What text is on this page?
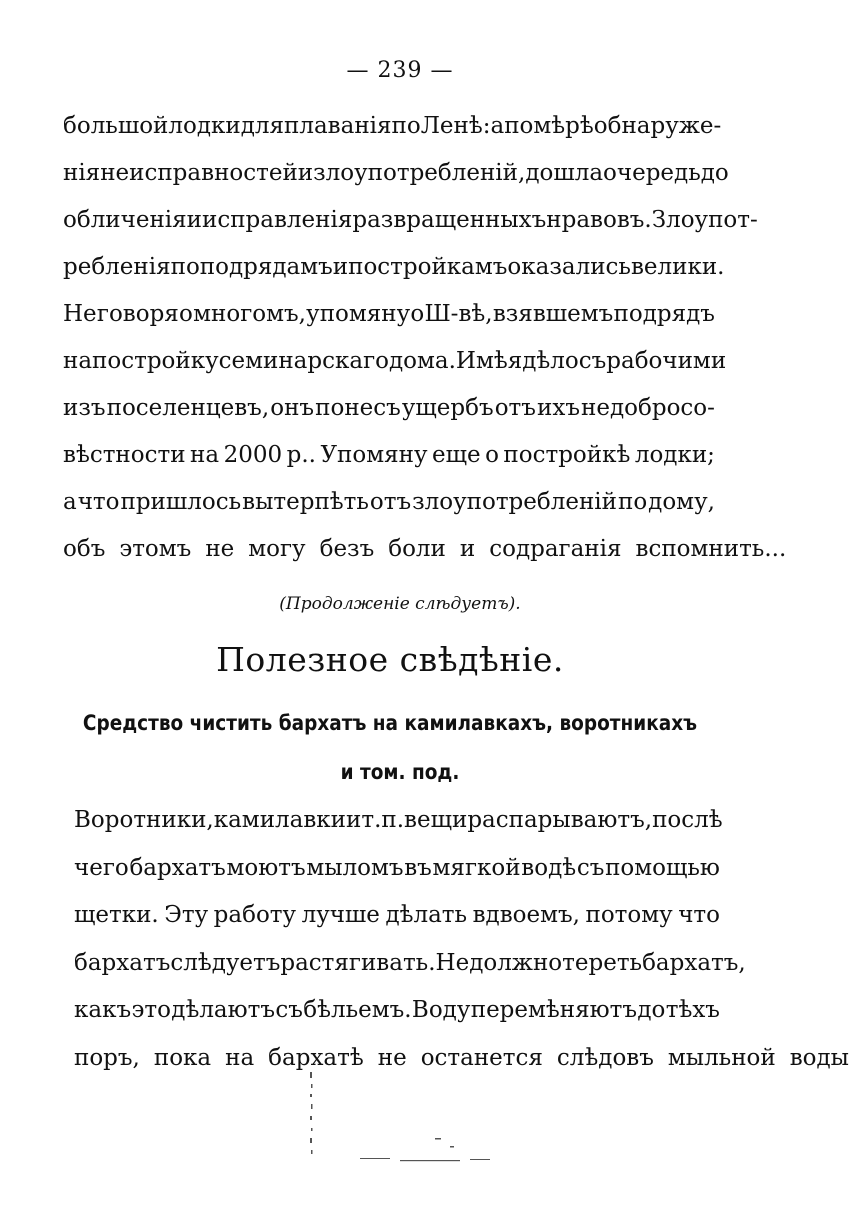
— 239 —
большой лодки для плаванія по Ленѣ: а по мѣрѣ обнаруже-
нія неисправностей и злоупотребленій, дошла очередь до
обличенія и исправленія развращенныхъ нравовъ. Злоупот-
ребленія по подрядамъ и постройкамъ оказались велики.
Не говоря о многомъ, упомяну о Ш-вѣ, взявшемъ подрядъ
на постройку семинарскаго дома. Имѣя дѣло съ рабочими
изъ поселенцевъ, онъ понесъ ущербъ отъ ихъ недобросо-
вѣстности на 2000 р.. Упомяну еще о постройкѣ лодки;
а что пришлось вытерпѣть отъ злоупотребленій по дому,
объ этомъ не могу безъ боли и содраганія вспомнить...
(Продолженіе слѣдуетъ).
Полезное свѣдѣніе.
Средство чистить бархатъ на камилавкахъ, воротникахъ
и том. под.
Воротники, камилавки и т. п. вещи распарываютъ, послѣ
чего бархатъ моютъ мыломъ въ мягкой водѣ съ помощью
щетки. Эту работу лучше дѣлать вдвоемъ, потому что
бархатъ слѣдуетъ растягивать. Не должно тереть бархатъ,
какъ это дѣлаютъ съ бѣльемъ. Воду перемѣняютъ до тѣхъ
поръ, пока на бархатѣ не останется слѣдовъ мыльной воды
